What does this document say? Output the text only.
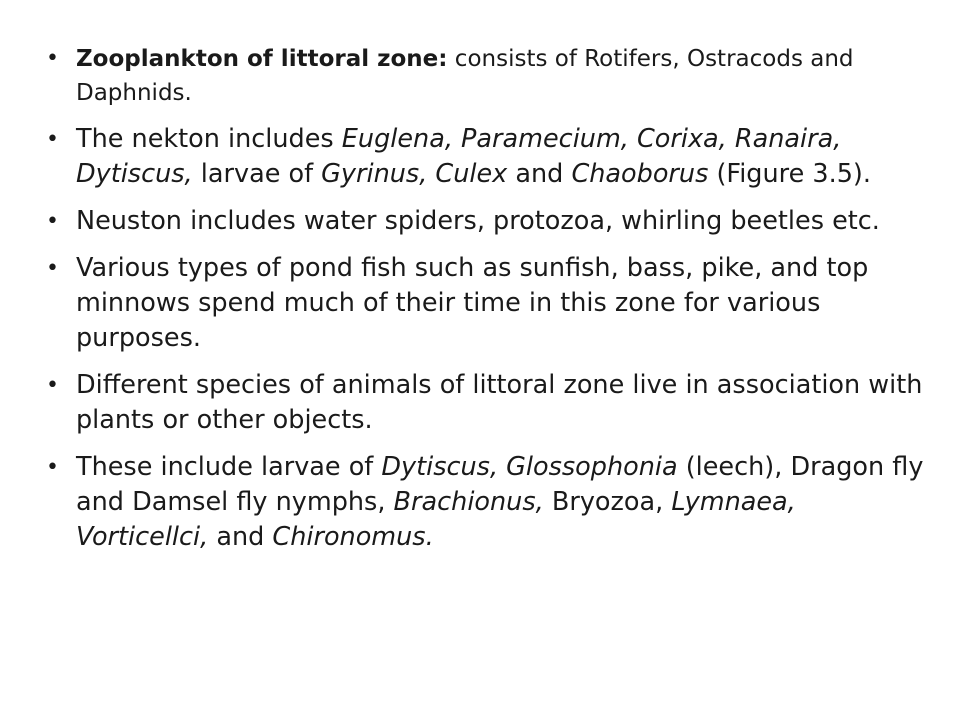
• Zooplankton of littoral zone: consists of Rotifers, Ostracods and Daphnids.
• The nekton includes Euglena, Paramecium, Corixa, Ranaira, Dytiscus, larvae of Gyrinus, Culex and Chaoborus (Figure 3.5).
• Neuston includes water spiders, protozoa, whirling beetles etc.
• Various types of pond fish such as sunfish, bass, pike, and top minnows spend much of their time in this zone for various purposes.
• Different species of animals of littoral zone live in association with plants or other objects.
• These include larvae of Dytiscus, Glossophonia (leech), Dragon fly and Damsel fly nymphs, Brachionus, Bryozoa, Lymnaea, Vorticellci, and Chironomus.
